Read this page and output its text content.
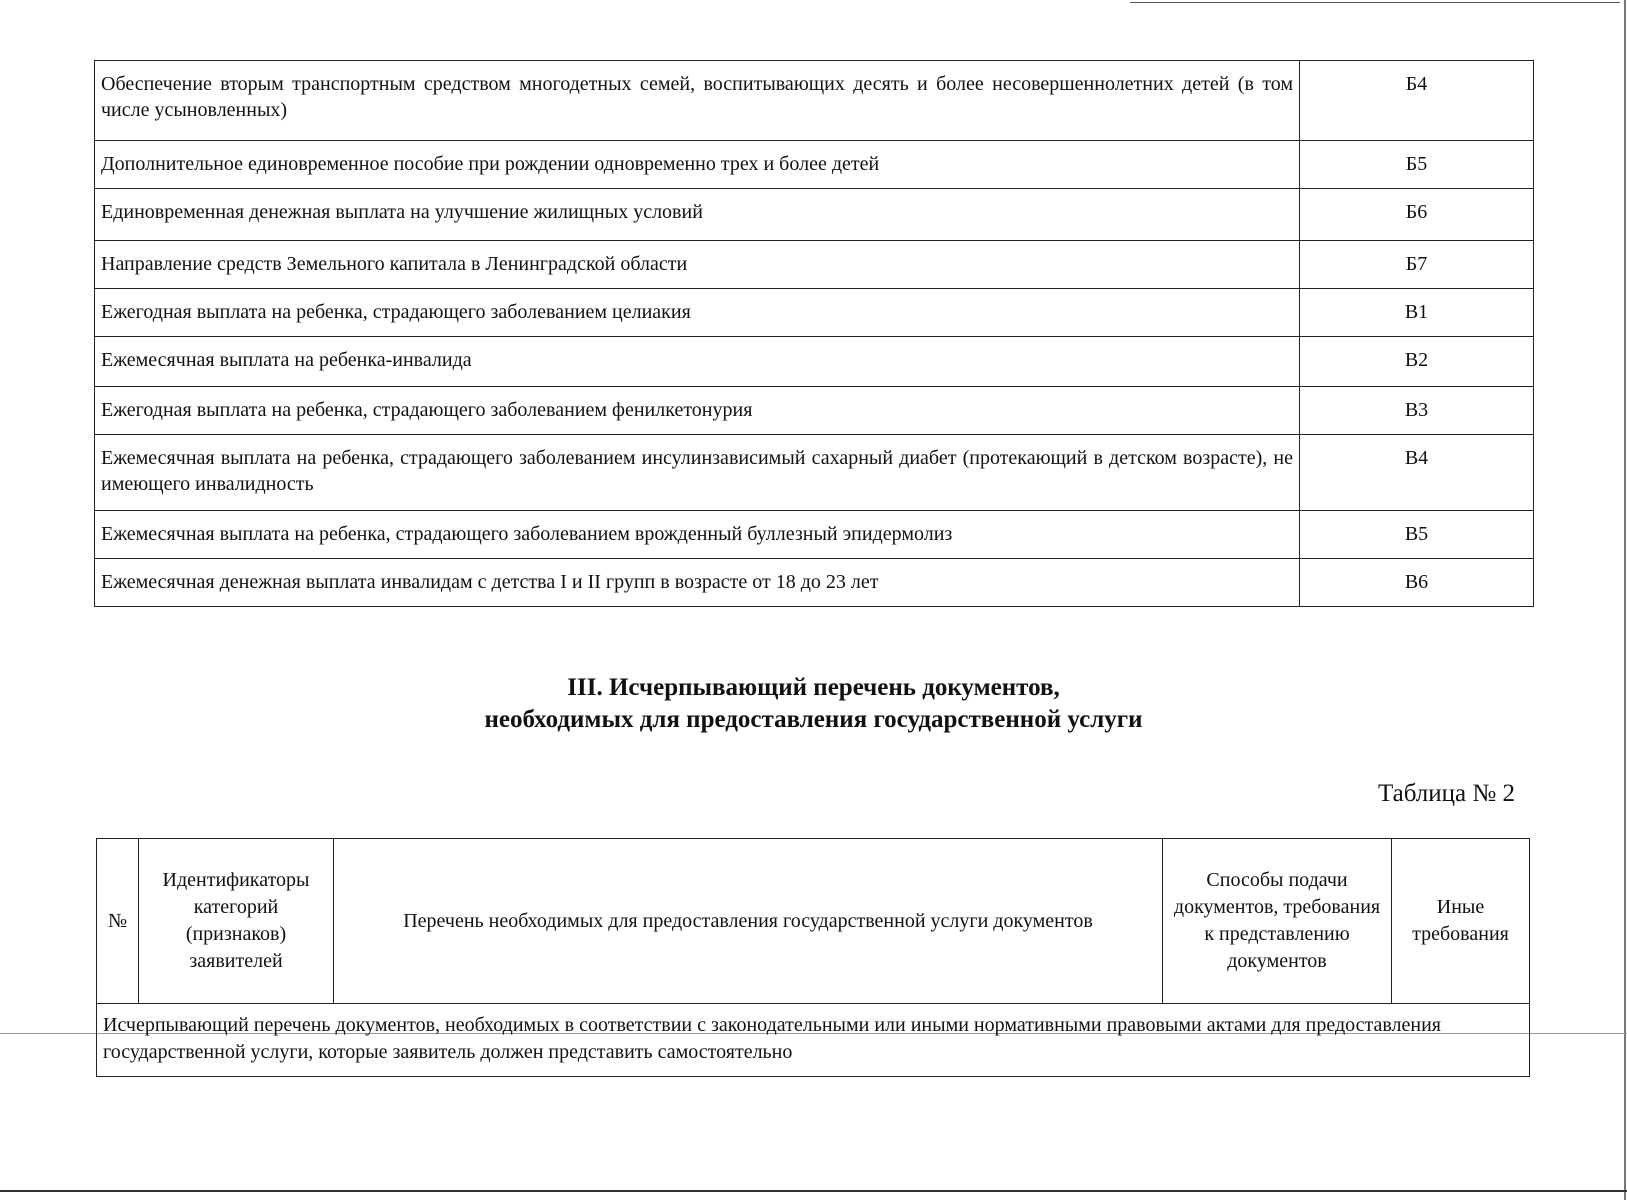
Обеспечение вторым транспортным средством многодетных семей, воспитывающих десять и более несовершеннолетних детей (в том числе усыновленных)	Б4
Дополнительное единовременное пособие при рождении одновременно трех и более детей	Б5
Единовременная денежная выплата на улучшение жилищных условий	Б6
Направление средств Земельного капитала в Ленинградской области	Б7
Ежегодная выплата на ребенка, страдающего заболеванием целиакия	В1
Ежемесячная выплата на ребенка-инвалида	В2
Ежегодная выплата на ребенка, страдающего заболеванием фенилкетонурия	В3
Ежемесячная выплата на ребенка, страдающего заболеванием инсулинзависимый сахарный диабет (протекающий в детском возрасте), не имеющего инвалидность	В4
Ежемесячная выплата на ребенка, страдающего заболеванием врожденный буллезный эпидермолиз	В5
Ежемесячная денежная выплата инвалидам с детства I и II групп в возрасте от 18 до 23 лет	В6
III. Исчерпывающий перечень документов,
необходимых для предоставления государственной услуги
Таблица № 2
№	Идентификаторы категорий (признаков) заявителей	Перечень необходимых для предоставления государственной услуги документов	Способы подачи документов, требования к представлению документов	Иные требования
Исчерпывающий перечень документов, необходимых в соответствии с законодательными или иными нормативными правовыми актами для предоставления государственной услуги, которые заявитель должен представить самостоятельно
